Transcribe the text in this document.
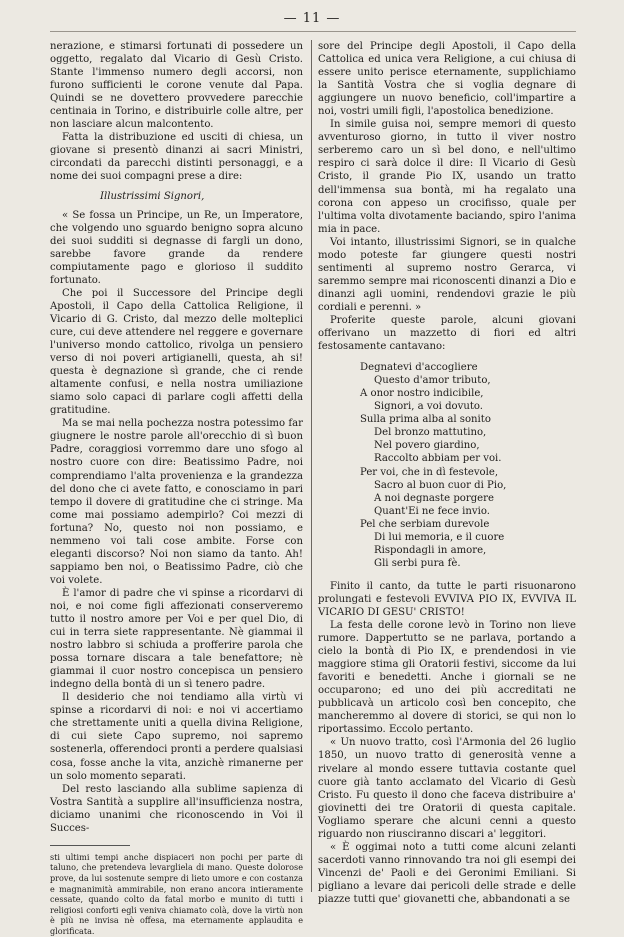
— 11 —

nerazione, e stimarsi fortunati di possedere un oggetto, regalato dal Vicario di Gesù Cristo. Stante l'immenso numero degli accorsi, non furono sufficienti le corone venute dal Papa. Quindi se ne dovettero provvedere parecchie centinaia in Torino, e distribuirle colle altre, per non lasciare alcun malcontento.

Fatta la distribuzione ed usciti di chiesa, un giovane si presentò dinanzi ai sacri Ministri, circondati da parecchi distinti personaggi, e a nome dei suoi compagni prese a dire:

Illustrissimi Signori,

« Se fossa un Principe, un Re, un Imperatore, che volgendo uno sguardo benigno sopra alcuno dei suoi sudditi si degnasse di fargli un dono, sarebbe favore grande da rendere compiutamente pago e glorioso il suddito fortunato.

Che poi il Successore del Principe degli Apostoli, il Capo della Cattolica Religione, il Vicario di G. Cristo, dal mezzo delle molteplici cure, cui deve attendere nel reggere e governare l'universo mondo cattolico, rivolga un pensiero verso di noi poveri artigianelli, questa, ah si! questa è degnazione sì grande, che ci rende altamente confusi, e nella nostra umiliazione siamo solo capaci di parlare cogli affetti della gratitudine.

Ma se mai nella pochezza nostra potessimo far giugnere le nostre parole all'orecchio di sì buon Padre, coraggiosi vorremmo dare uno sfogo al nostro cuore con dire: Beatissimo Padre, noi comprendiamo l'alta provenienza e la grandezza del dono che ci avete fatto, e conosciamo in pari tempo il dovere di gratitudine che ci stringe. Ma come mai possiamo adempirlo? Coi mezzi di fortuna? No, questo noi non possiamo, e nemmeno voi tali cose ambite. Forse con eleganti discorso? Noi non siamo da tanto. Ah! sappiamo ben noi, o Beatissimo Padre, ciò che voi volete.

È l'amor di padre che vi spinse a ricordarvi di noi, e noi come figli affezionati conserveremo tutto il nostro amore per Voi e per quel Dio, di cui in terra siete rappresentante. Nè giammai il nostro labbro si schiuda a profferire parola che possa tornare discara a tale benefattore; nè giammai il cuor nostro concepisca un pensiero indegno della bontà di un sì tenero padre.

Il desiderio che noi tendiamo alla virtù vi spinse a ricordarvi di noi: e noi vi accertiamo che strettamente uniti a quella divina Religione, di cui siete Capo supremo, noi sapremo sostenerla, offerendoci pronti a perdere qualsiasi cosa, fosse anche la vita, anzichè rimanerne per un solo momento separati.

Del resto lasciando alla sublime sapienza di Vostra Santità a supplire all'insufficienza nostra, diciamo unanimi che riconoscendo in Voi il Succes-

sti ultimi tempi anche dispiaceri non pochi per parte di taluno, che pretendeva levargliela di mano. Queste dolorose prove, da lui sostenute sempre di lieto umore e con costanza e magnanimità ammirabile, non erano ancora intieramente cessate, quando colto da fatal morbo e munito di tutti i religiosi conforti egli veniva chiamato colà, dove la virtù non è più ne invisa nè offesa, ma eternamente applaudita e glorificata.

sore del Principe degli Apostoli, il Capo della Cattolica ed unica vera Religione, a cui chiusa di essere unito perisce eternamente, supplichiamo la Santità Vostra che si voglia degnare di aggiungere un nuovo beneficio, coll'impartire a noi, vostri umili figli, l'apostolica benedizione.

In simile guisa noi, sempre memori di questo avventuroso giorno, in tutto il viver nostro serberemo caro un sì bel dono, e nell'ultimo respiro ci sarà dolce il dire: Il Vicario di Gesù Cristo, il grande Pio IX, usando un tratto dell'immensa sua bontà, mi ha regalato una corona con appeso un crocifisso, quale per l'ultima volta divotamente baciando, spiro l'anima mia in pace.

Voi intanto, illustrissimi Signori, se in qualche modo poteste far giungere questi nostri sentimenti al supremo nostro Gerarca, vi saremmo sempre mai riconoscenti dinanzi a Dio e dinanzi agli uomini, rendendovi grazie le più cordiali e perenni. »

Proferite queste parole, alcuni giovani offerivano un mazzetto di fiori ed altri festosamente cantavano:

Degnatevi d'accogliere
Questo d'amor tributo,
A onor nostro indicibile,
Signori, a voi dovuto.
Sulla prima alba al sonito
Del bronzo mattutino,
Nel povero giardino,
Raccolto abbiam per voi.
Per voi, che in dì festevole,
Sacro al buon cuor di Pio,
A noi degnaste porgere
Quant'Ei ne fece invio.
Pel che serbiam durevole
Di lui memoria, e il cuore
Rispondagli in amore,
Gli serbi pura fè.

Finito il canto, da tutte le parti risuonarono prolungati e festevoli EVVIVA PIO IX, EVVIVA IL VICARIO DI GESU' CRISTO!

La festa delle corone levò in Torino non lieve rumore. Dappertutto se ne parlava, portando a cielo la bontà di Pio IX, e prendendosi in vie maggiore stima gli Oratorii festivi, siccome da lui favoriti e benedetti. Anche i giornali se ne occuparono; ed uno dei più accreditati ne pubblicavà un articolo così ben concepito, che mancheremmo al dovere di storici, se qui non lo riportassimo. Eccolo pertanto.

« Un nuovo tratto, così l'Armonia del 26 luglio 1850, un nuovo tratto di generosità venne a rivelare al mondo essere tuttavia costante quel cuore già tanto acclamato del Vicario di Gesù Cristo. Fu questo il dono che faceva distribuire a' giovinetti dei tre Oratorii di questa capitale. Vogliamo sperare che alcuni cenni a questo riguardo non riusciranno discari a' leggitori.

« È oggimai noto a tutti come alcuni zelanti sacerdoti vanno rinnovando tra noi gli esempi dei Vincenzi de' Paoli e dei Geronimi Emiliani. Si pigliano a levare dai pericoli delle strade e delle piazze tutti que' giovanetti che, abbandonati a se
